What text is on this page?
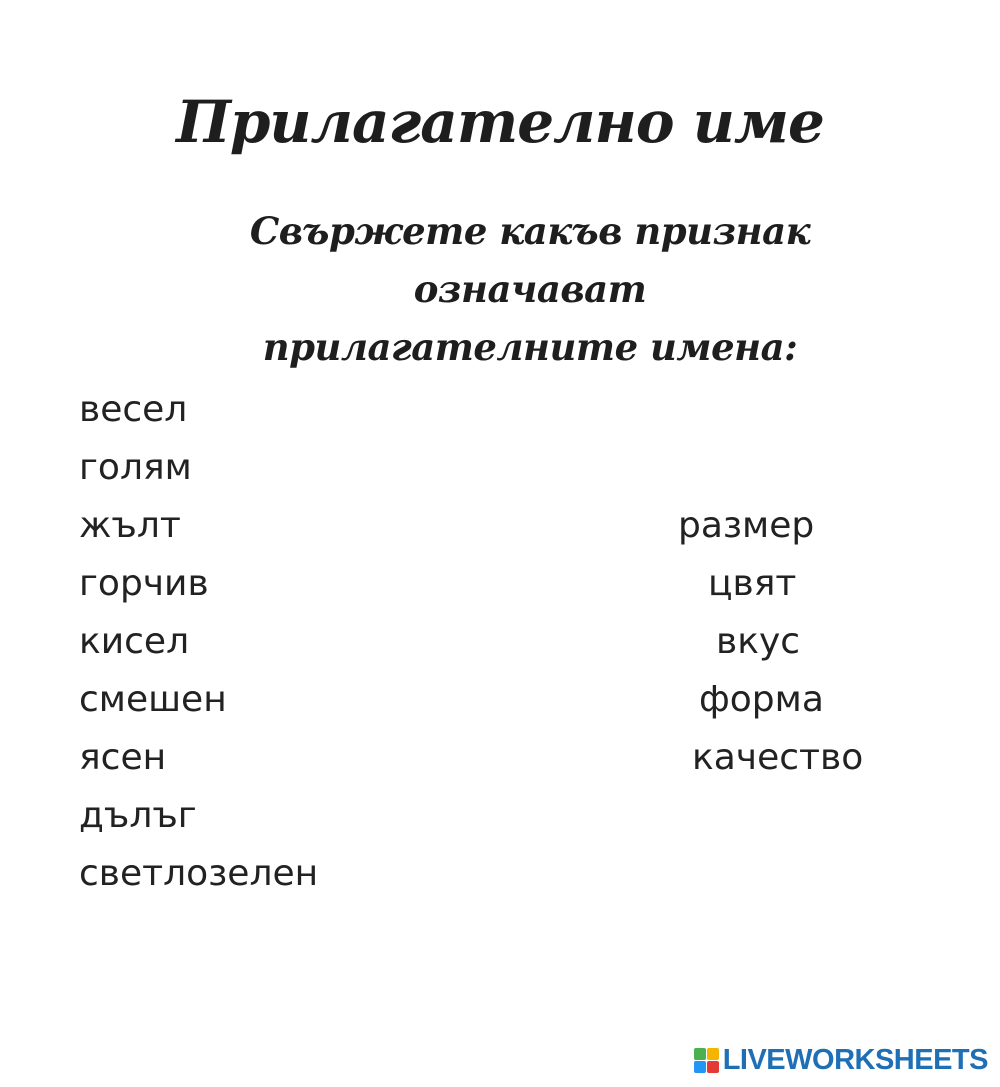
Прилагателно име
Свържете какъв признак означават
прилагателните имена:
весел
голям
жълт
горчив
кисел
смешен
ясен
дълъг
светлозелен
размер
цвят
вкус
форма
качество
LIVEWORKSHEETS
